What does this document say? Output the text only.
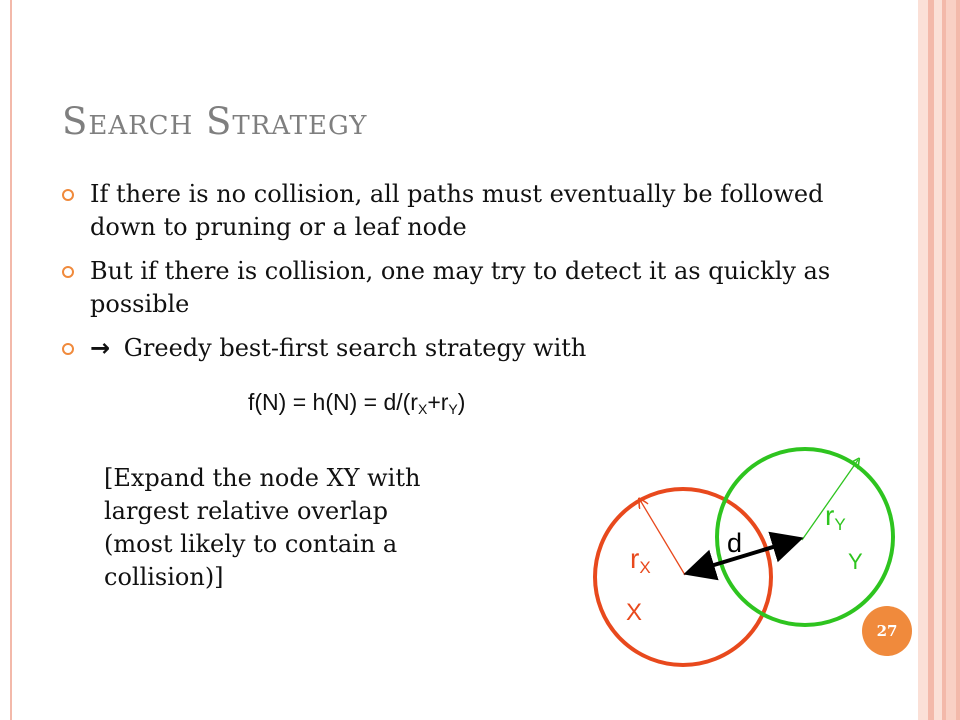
Search Strategy
If there is no collision, all paths must eventually be followed down to pruning or a leaf node
But if there is collision, one may try to detect it as quickly as possible
→ Greedy best-first search strategy with
$f(N) = h(N) = d/(r_X+r_Y)$
[Expand the node XY with largest relative overlap (most likely to contain a collision)]
rX
rY
d
X
Y
27
